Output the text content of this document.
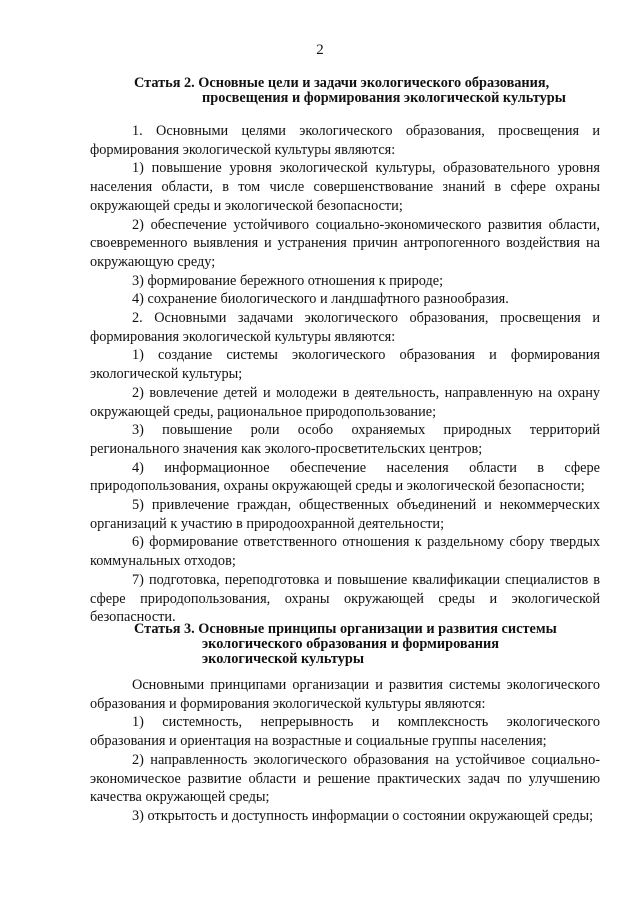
2
Статья 2. Основные цели и задачи экологического образования,
просвещения и формирования экологической культуры

1. Основными целями экологического образования, просвещения и формирования экологической культуры являются:

1) повышение уровня экологической культуры, образовательного уровня населения области, в том числе совершенствование знаний в сфере охраны окружающей среды и экологической безопасности;

2) обеспечение устойчивого социально-экономического развития области, своевременного выявления и устранения причин антропогенного воздействия на окружающую среду;

3) формирование бережного отношения к природе;

4) сохранение биологического и ландшафтного разнообразия.

2. Основными задачами экологического образования, просвещения и формирования экологической культуры являются:

1) создание системы экологического образования и формирования экологической культуры;

2) вовлечение детей и молодежи в деятельность, направленную на охрану окружающей среды, рациональное природопользование;

3) повышение роли особо охраняемых природных территорий регионального значения как эколого-просветительских центров;

4) информационное обеспечение населения области в сфере природопользования, охраны окружающей среды и экологической безопасности;

5) привлечение граждан, общественных объединений и некоммерческих организаций к участию в природоохранной деятельности;

6) формирование ответственного отношения к раздельному сбору твердых коммунальных отходов;

7) подготовка, переподготовка и повышение квалификации специалистов в сфере природопользования, охраны окружающей среды и экологической безопасности.

Статья 3. Основные принципы организации и развития системы
экологического образования и формирования
экологической культуры

Основными принципами организации и развития системы экологического образования и формирования экологической культуры являются:

1) системность, непрерывность и комплексность экологического образования и ориентация на возрастные и социальные группы населения;

2) направленность экологического образования на устойчивое социально-экономическое развитие области и решение практических задач по улучшению качества окружающей среды;

3) открытость и доступность информации о состоянии окружающей среды;
